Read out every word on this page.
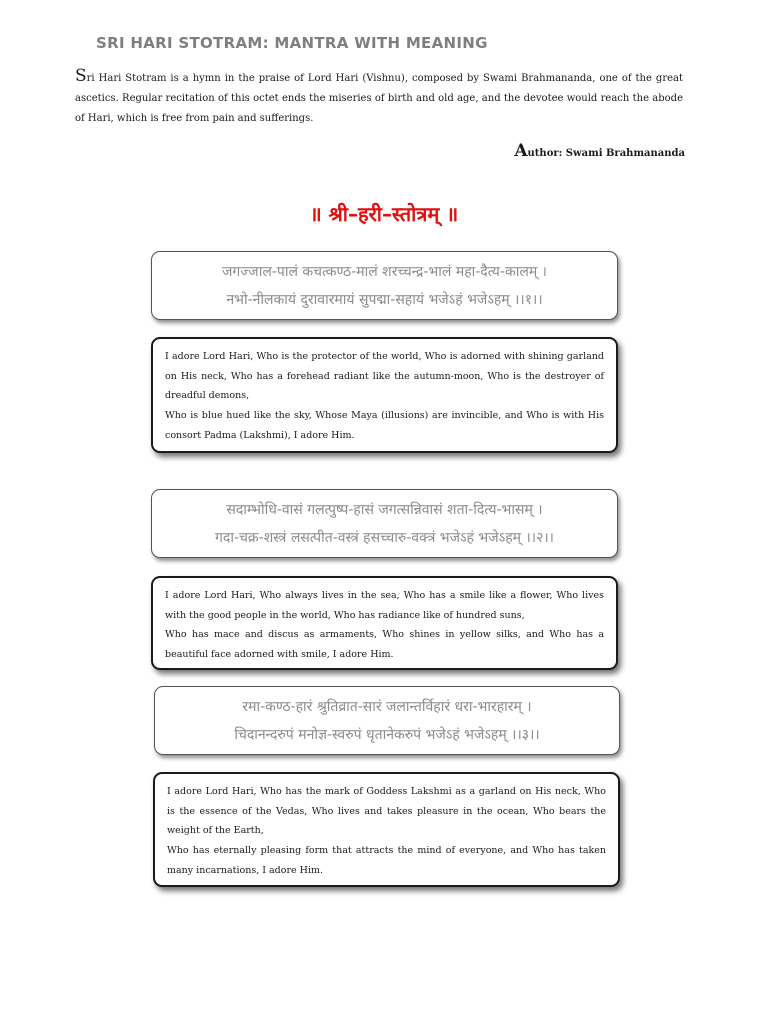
SRI HARI STOTRAM: MANTRA WITH MEANING
Sri Hari Stotram is a hymn in the praise of Lord Hari (Vishnu), composed by Swami Brahmananda, one of the great ascetics. Regular recitation of this octet ends the miseries of birth and old age, and the devotee would reach the abode of Hari, which is free from pain and sufferings.
Author: Swami Brahmananda
॥ श्री–हरी–स्तोत्रम् ॥
जगज्जाल-पालं कचत्कण्ठ-मालं शरच्चन्द्र-भालं महा-दैत्य-कालम् ।
नभो-नीलकायं दुरावारमायं सुपद्मा-सहायं भजेऽहं भजेऽहम् ।।१।।

I adore Lord Hari, Who is the protector of the world, Who is adorned with shining garland on His neck, Who has a forehead radiant like the autumn-moon, Who is the destroyer of dreadful demons,

Who is blue hued like the sky, Whose Maya (illusions) are invincible, and Who is with His consort Padma (Lakshmi), I adore Him.

सदाम्भोधि-वासं गलत्पुष्प-हासं जगत्सन्निवासं शता-दित्य-भासम् ।
गदा-चक्र-शस्त्रं लसत्पीत-वस्त्रं हसच्चारु-वक्त्रं भजेऽहं भजेऽहम् ।।२।।

I adore Lord Hari, Who always lives in the sea, Who has a smile like a flower, Who lives with the good people in the world, Who has radiance like of hundred suns,

Who has mace and discus as armaments, Who shines in yellow silks, and Who has a beautiful face adorned with smile, I adore Him.

रमा-कण्ठ-हारं श्रुतिव्रात-सारं जलान्तर्विहारं धरा-भारहारम् ।
चिदानन्दरुपं मनोज्ञ-स्वरुपं धृतानेकरुपं भजेऽहं भजेऽहम् ।।३।।

I adore Lord Hari, Who has the mark of Goddess Lakshmi as a garland on His neck, Who is the essence of the Vedas, Who lives and takes pleasure in the ocean, Who bears the weight of the Earth,

Who has eternally pleasing form that attracts the mind of everyone, and Who has taken many incarnations, I adore Him.
